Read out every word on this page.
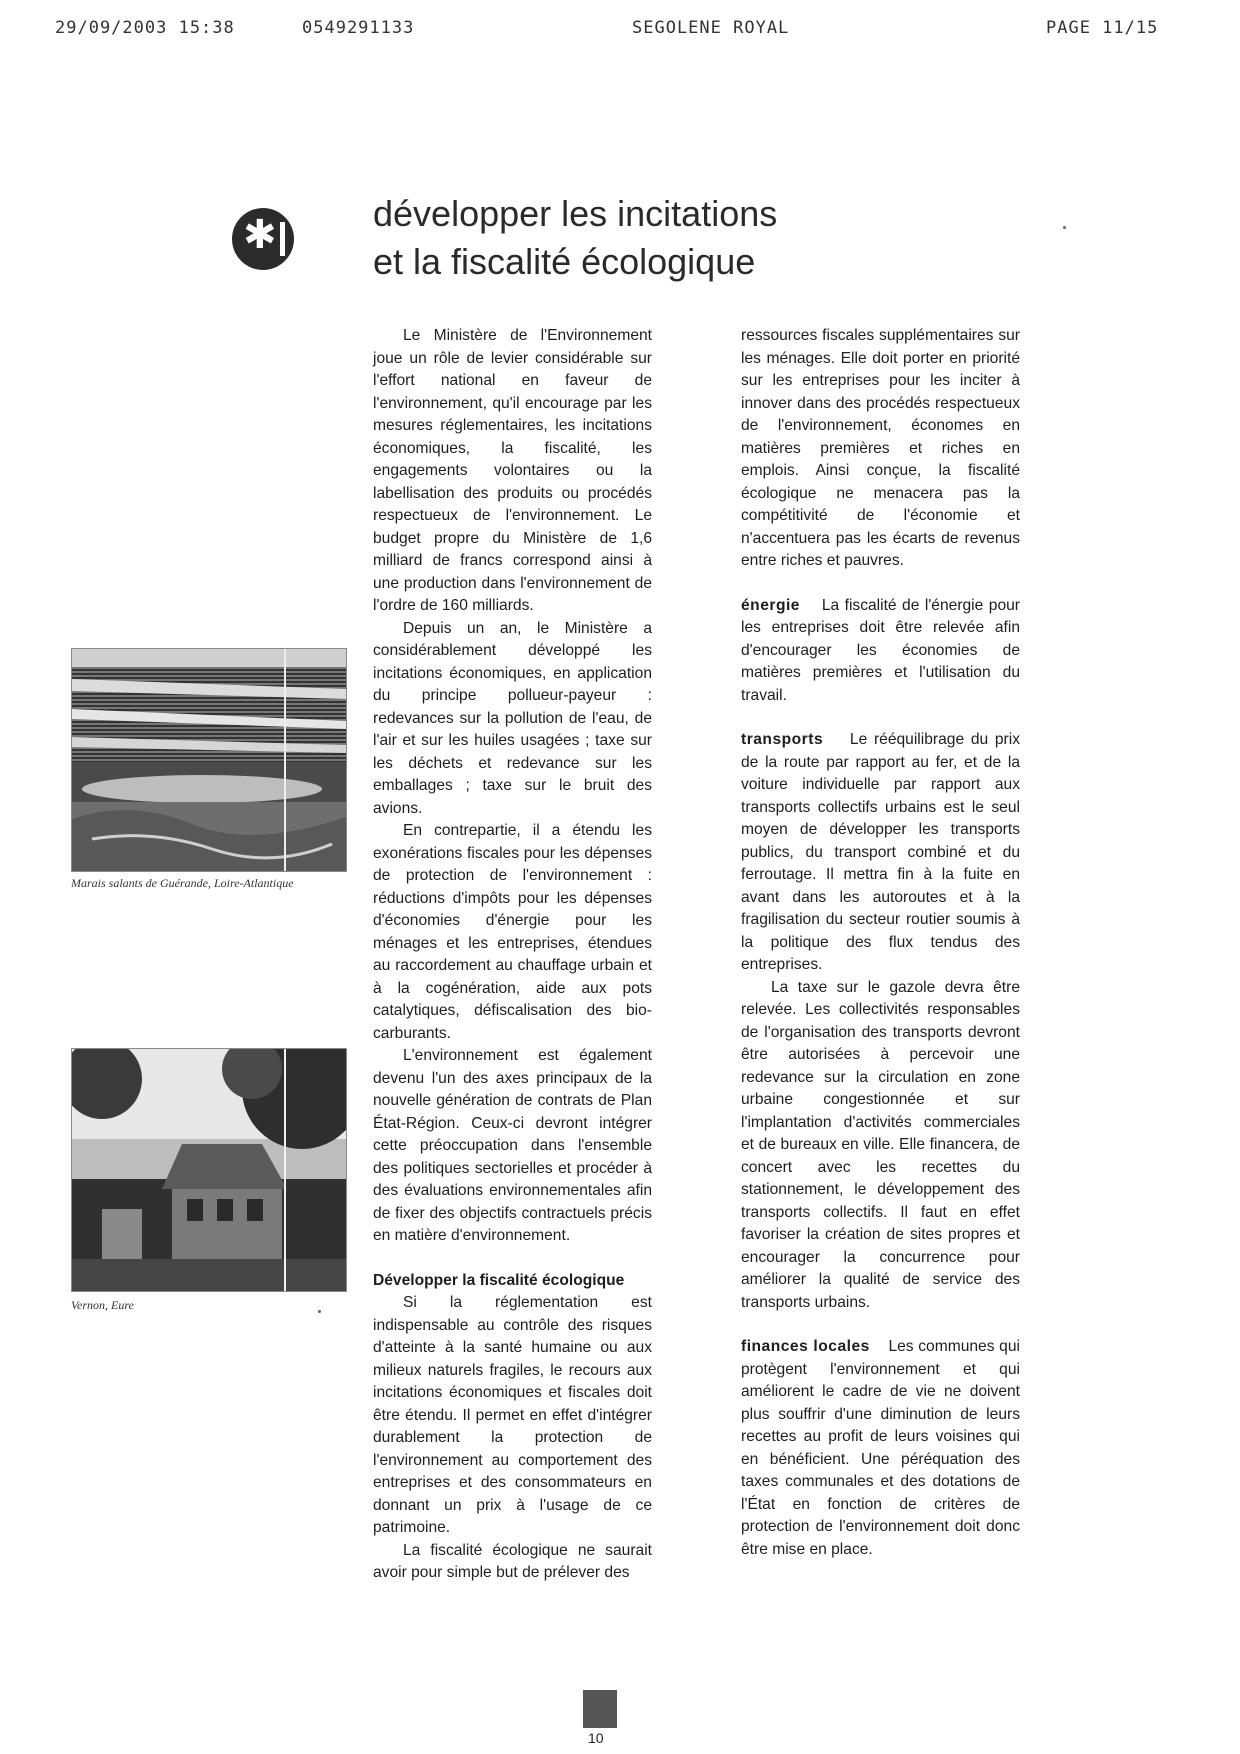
29/09/2003 15:38	0549291133	SEGOLENE ROYAL	PAGE 11/15
✱	développer les incitations
et la fiscalité écologique
Marais salants de Guérande, Loire-Atlantique
Vernon, Eure

Le Ministère de l'Environnement joue un rôle de levier considérable sur l'effort national en faveur de l'environnement, qu'il encourage par les mesures réglementaires, les incitations économiques, la fiscalité, les engagements volontaires ou la labellisation des produits ou procédés respectueux de l'environnement. Le budget propre du Ministère de 1,6 milliard de francs correspond ainsi à une production dans l'environnement de l'ordre de 160 milliards.

Depuis un an, le Ministère a considérablement développé les incitations économiques, en application du principe pollueur-payeur : redevances sur la pollution de l'eau, de l'air et sur les huiles usagées ; taxe sur les déchets et redevance sur les emballages ; taxe sur le bruit des avions.

En contrepartie, il a étendu les exonérations fiscales pour les dépenses de protection de l'environnement : réductions d'impôts pour les dépenses d'économies d'énergie pour les ménages et les entreprises, étendues au raccordement au chauffage urbain et à la cogénération, aide aux pots catalytiques, défiscalisation des bio-carburants.

L'environnement est également devenu l'un des axes principaux de la nouvelle génération de contrats de Plan État-Région. Ceux-ci devront intégrer cette préoccupation dans l'ensemble des politiques sectorielles et procéder à des évaluations environnementales afin de fixer des objectifs contractuels précis en matière d'environnement.

Développer la fiscalité écologique

Si la réglementation est indispensable au contrôle des risques d'atteinte à la santé humaine ou aux milieux naturels fragiles, le recours aux incitations économiques et fiscales doit être étendu. Il permet en effet d'intégrer durablement la protection de l'environnement au comportement des entreprises et des consommateurs en donnant un prix à l'usage de ce patrimoine.

La fiscalité écologique ne saurait avoir pour simple but de prélever des

ressources fiscales supplémentaires sur les ménages. Elle doit porter en priorité sur les entreprises pour les inciter à innover dans des procédés respectueux de l'environnement, économes en matières premières et riches en emplois. Ainsi conçue, la fiscalité écologique ne menacera pas la compétitivité de l'économie et n'accentuera pas les écarts de revenus entre riches et pauvres.

énergie La fiscalité de l'énergie pour les entreprises doit être relevée afin d'encourager les économies de matières premières et l'utilisation du travail.

transports Le rééquilibrage du prix de la route par rapport au fer, et de la voiture individuelle par rapport aux transports collectifs urbains est le seul moyen de développer les transports publics, du transport combiné et du ferroutage. Il mettra fin à la fuite en avant dans les autoroutes et à la fragilisation du secteur routier soumis à la politique des flux tendus des entreprises.

La taxe sur le gazole devra être relevée. Les collectivités responsables de l'organisation des transports devront être autorisées à percevoir une redevance sur la circulation en zone urbaine congestionnée et sur l'implantation d'activités commerciales et de bureaux en ville. Elle financera, de concert avec les recettes du stationnement, le développement des transports collectifs. Il faut en effet favoriser la création de sites propres et encourager la concurrence pour améliorer la qualité de service des transports urbains.

finances locales Les communes qui protègent l'environnement et qui améliorent le cadre de vie ne doivent plus souffrir d'une diminution de leurs recettes au profit de leurs voisines qui en bénéficient. Une péréquation des taxes communales et des dotations de l'État en fonction de critères de protection de l'environnement doit donc être mise en place.

10
